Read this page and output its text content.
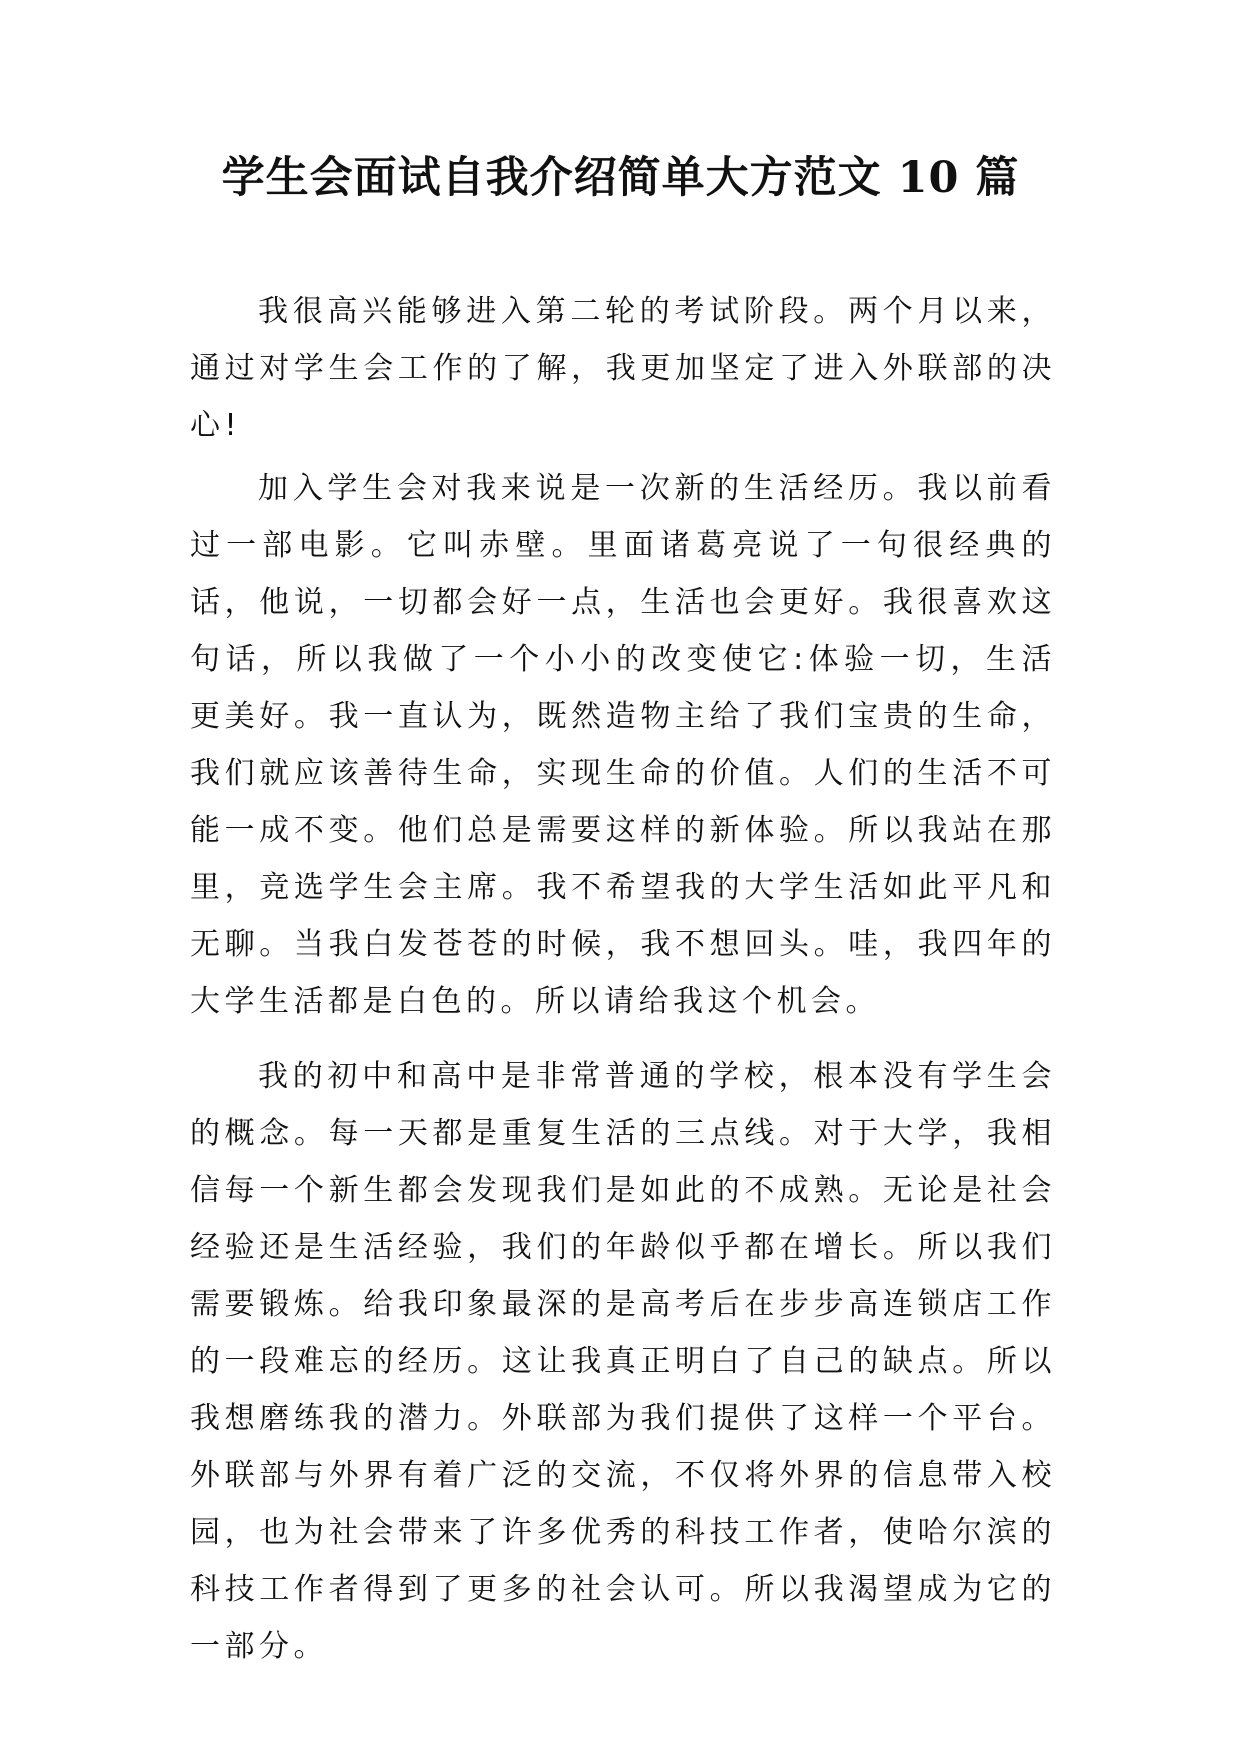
学生会面试自我介绍简单大方范文 10 篇

我很高兴能够进入第二轮的考试阶段。两个月以来，通过对学生会工作的了解，我更加坚定了进入外联部的决心!

加入学生会对我来说是一次新的生活经历。我以前看过一部电影。它叫赤壁。里面诸葛亮说了一句很经典的话，他说，一切都会好一点，生活也会更好。我很喜欢这句话，所以我做了一个小小的改变使它:体验一切，生活更美好。我一直认为，既然造物主给了我们宝贵的生命，我们就应该善待生命，实现生命的价值。人们的生活不可能一成不变。他们总是需要这样的新体验。所以我站在那里，竞选学生会主席。我不希望我的大学生活如此平凡和无聊。当我白发苍苍的时候，我不想回头。哇，我四年的大学生活都是白色的。所以请给我这个机会。

我的初中和高中是非常普通的学校，根本没有学生会的概念。每一天都是重复生活的三点线。对于大学，我相信每一个新生都会发现我们是如此的不成熟。无论是社会经验还是生活经验，我们的年龄似乎都在增长。所以我们需要锻炼。给我印象最深的是高考后在步步高连锁店工作的一段难忘的经历。这让我真正明白了自己的缺点。所以我想磨练我的潜力。外联部为我们提供了这样一个平台。外联部与外界有着广泛的交流，不仅将外界的信息带入校园，也为社会带来了许多优秀的科技工作者，使哈尔滨的科技工作者得到了更多的社会认可。所以我渴望成为它的一部分。
